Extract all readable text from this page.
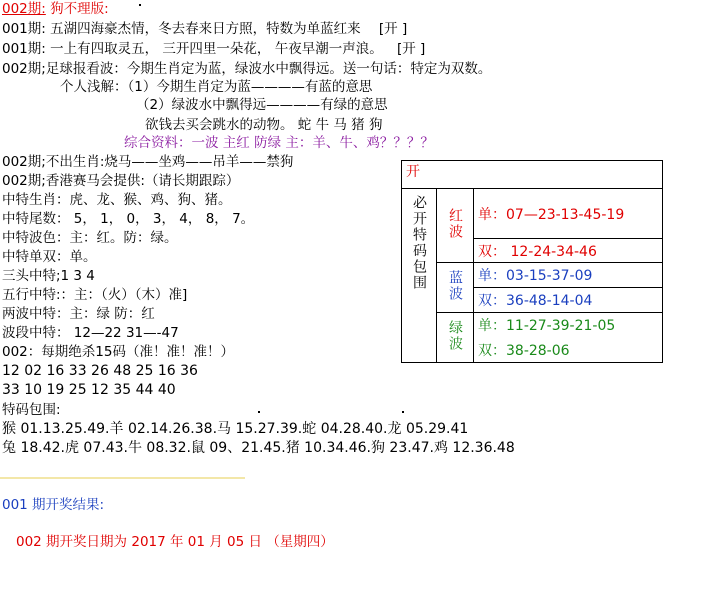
002期: 狗不理版:
001期: 五湖四海豪杰情，冬去春来日方照，特数为单蓝红来 [开 ]
001期: 一上有四取灵五， 三开四里一朵花， 午夜早潮一声浪。 [开 ]
002期;足球报看波：今期生肖定为蓝，绿波水中飘得远。送一句话：特定为双数。
个人浅解：（1）今期生肖定为蓝————有蓝的意思
（2）绿波水中飘得远————有绿的意思
欲钱去买会跳水的动物。 蛇 牛 马 猪 狗
综合资料：一波 主红 防绿 主：羊、牛、鸡？？？？
002期;不出生肖:烧马——坐鸡——吊羊——禁狗
002期;香港赛马会提供:（请长期跟踪）
中特生肖：虎、龙、猴、鸡、狗、猪。
中特尾数： 5， 1， 0， 3， 4， 8， 7。
中特波色：主：红。防：绿。
中特单双：单。
三头中特;1 3 4
五行中特:：主：（火）（木）准]
两波中特：主：绿 防：红
波段中特： 12—22 31—-47
002：每期绝杀15码（准！准！准！）
12 02 16 33 26 48 25 16 36
33 10 19 25 12 35 44 40
开		
必开特码包围	红波	单：07—23-13-45-19
		双： 12-24-34-46
	蓝波	单：03-15-37-09
		双：36-48-14-04
	绿波	单：11-27-39-21-05
		双：38-28-06
特码包围:
猴 01.13.25.49.羊 02.14.26.38.马 15.27.39.蛇 04.28.40.龙 05.29.41
兔 18.42.虎 07.43.牛 08.32.鼠 09、21.45.猪 10.34.46.狗 23.47.鸡 12.36.48
001 期开奖结果:
002 期开奖日期为 2017 年 01 月 05 日 （星期四）
